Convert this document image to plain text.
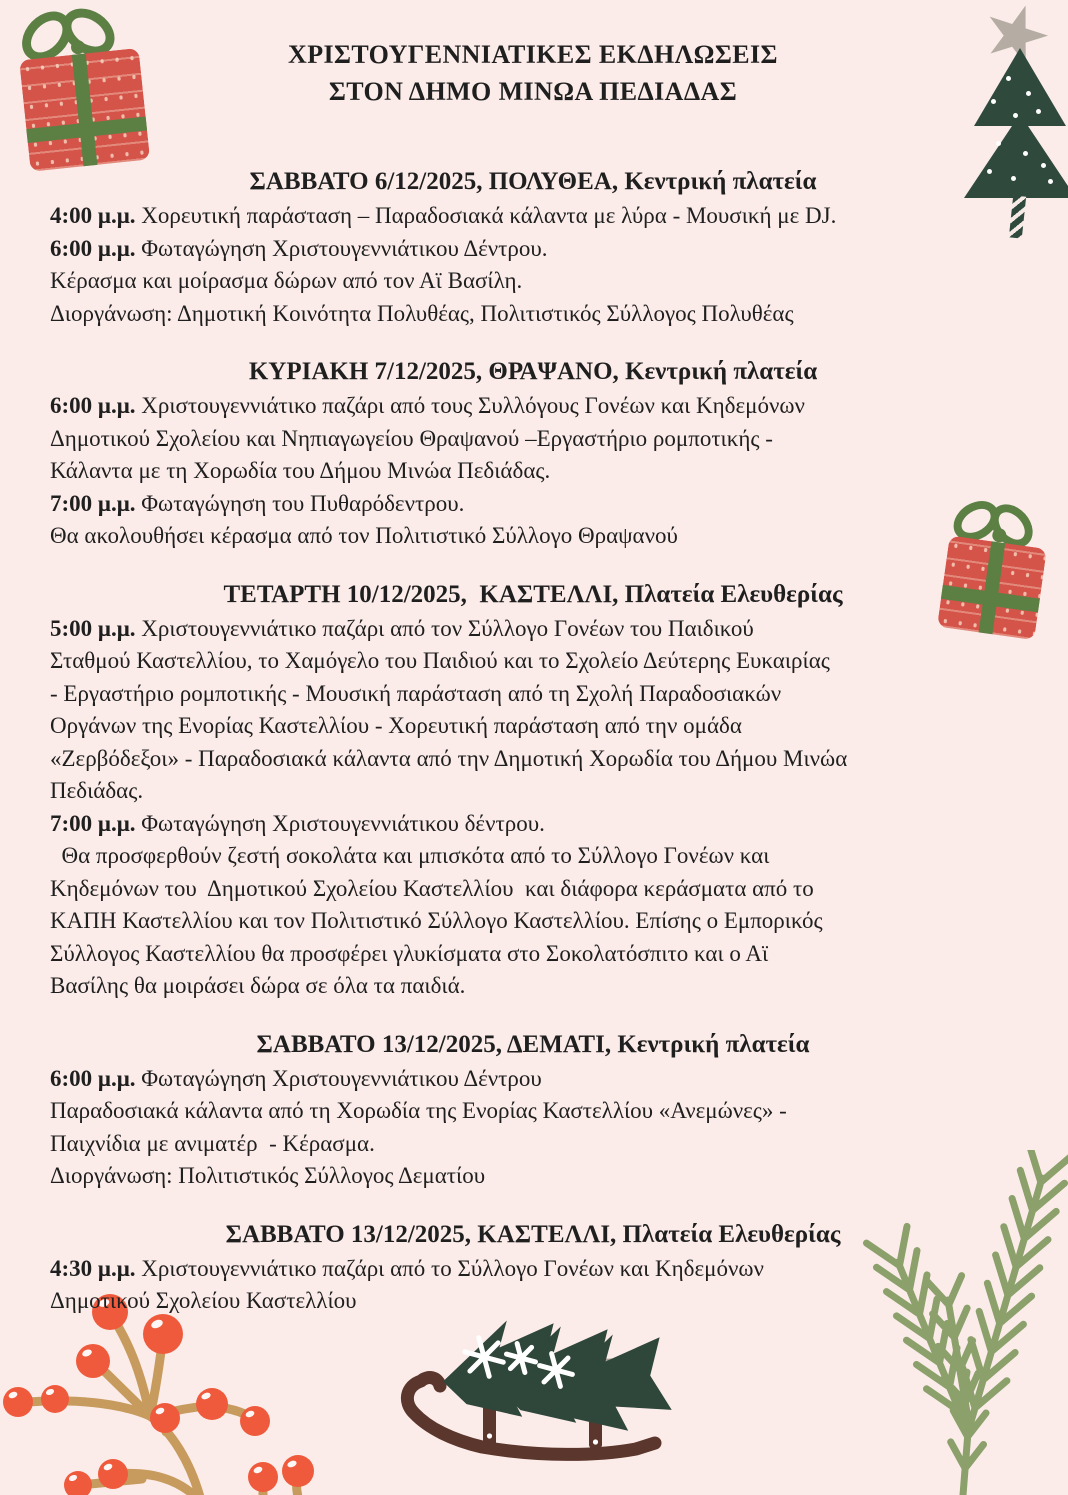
ΧΡΙΣΤΟΥΓΕΝΝΙΑΤΙΚΕΣ ΕΚΔΗΛΩΣΕΙΣ
ΣΤΟΝ ΔΗΜΟ ΜΙΝΩΑ ΠΕΔΙΑΔΑΣ
ΣΑΒΒΑΤΟ 6/12/2025, ΠΟΛΥΘΕΑ, Κεντρική πλατεία
4:00 μ.μ. Χορευτική παράσταση – Παραδοσιακά κάλαντα με λύρα - Μουσική με DJ.
6:00 μ.μ. Φωταγώγηση Χριστουγεννιάτικου Δέντρου.
Κέρασμα και μοίρασμα δώρων από τον Αϊ Βασίλη.
Διοργάνωση: Δημοτική Κοινότητα Πολυθέας, Πολιτιστικός Σύλλογος Πολυθέας
ΚΥΡΙΑΚΗ 7/12/2025, ΘΡΑΨΑΝΟ, Κεντρική πλατεία
6:00 μ.μ. Χριστουγεννιάτικο παζάρι από τους Συλλόγους Γονέων και Κηδεμόνων
Δημοτικού Σχολείου και Νηπιαγωγείου Θραψανού –Εργαστήριο ρομποτικής -
Κάλαντα με τη Χορωδία του Δήμου Μινώα Πεδιάδας.
7:00 μ.μ. Φωταγώγηση του Πυθαρόδεντρου.
Θα ακολουθήσει κέρασμα από τον Πολιτιστικό Σύλλογο Θραψανού
ΤΕΤΑΡΤΗ 10/12/2025,  ΚΑΣΤΕΛΛΙ, Πλατεία Ελευθερίας
5:00 μ.μ. Χριστουγεννιάτικο παζάρι από τον Σύλλογο Γονέων του Παιδικού
Σταθμού Καστελλίου, το Χαμόγελο του Παιδιού και το Σχολείο Δεύτερης Ευκαιρίας
- Εργαστήριο ρομποτικής - Μουσική παράσταση από τη Σχολή Παραδοσιακών
Οργάνων της Ενορίας Καστελλίου - Χορευτική παράσταση από την ομάδα
«Ζερβόδεξοι» - Παραδοσιακά κάλαντα από την Δημοτική Χορωδία του Δήμου Μινώα
Πεδιάδας.
7:00 μ.μ. Φωταγώγηση Χριστουγεννιάτικου δέντρου.
Θα προσφερθούν ζεστή σοκολάτα και μπισκότα από το Σύλλογο Γονέων και
Κηδεμόνων του  Δημοτικού Σχολείου Καστελλίου  και διάφορα κεράσματα από το
ΚΑΠΗ Καστελλίου και τον Πολιτιστικό Σύλλογο Καστελλίου. Επίσης ο Εμπορικός
Σύλλογος Καστελλίου θα προσφέρει γλυκίσματα στο Σοκολατόσπιτο και ο Αϊ
Βασίλης θα μοιράσει δώρα σε όλα τα παιδιά.
ΣΑΒΒΑΤΟ 13/12/2025, ΔΕΜΑΤΙ, Κεντρική πλατεία
6:00 μ.μ. Φωταγώγηση Χριστουγεννιάτικου Δέντρου
Παραδοσιακά κάλαντα από τη Χορωδία της Ενορίας Καστελλίου «Ανεμώνες» -
Παιχνίδια με ανιματέρ  - Κέρασμα.
Διοργάνωση: Πολιτιστικός Σύλλογος Δεματίου
ΣΑΒΒΑΤΟ 13/12/2025, ΚΑΣΤΕΛΛΙ, Πλατεία Ελευθερίας
4:30 μ.μ. Χριστουγεννιάτικο παζάρι από το Σύλλογο Γονέων και Κηδεμόνων
Δημοτικού Σχολείου Καστελλίου
